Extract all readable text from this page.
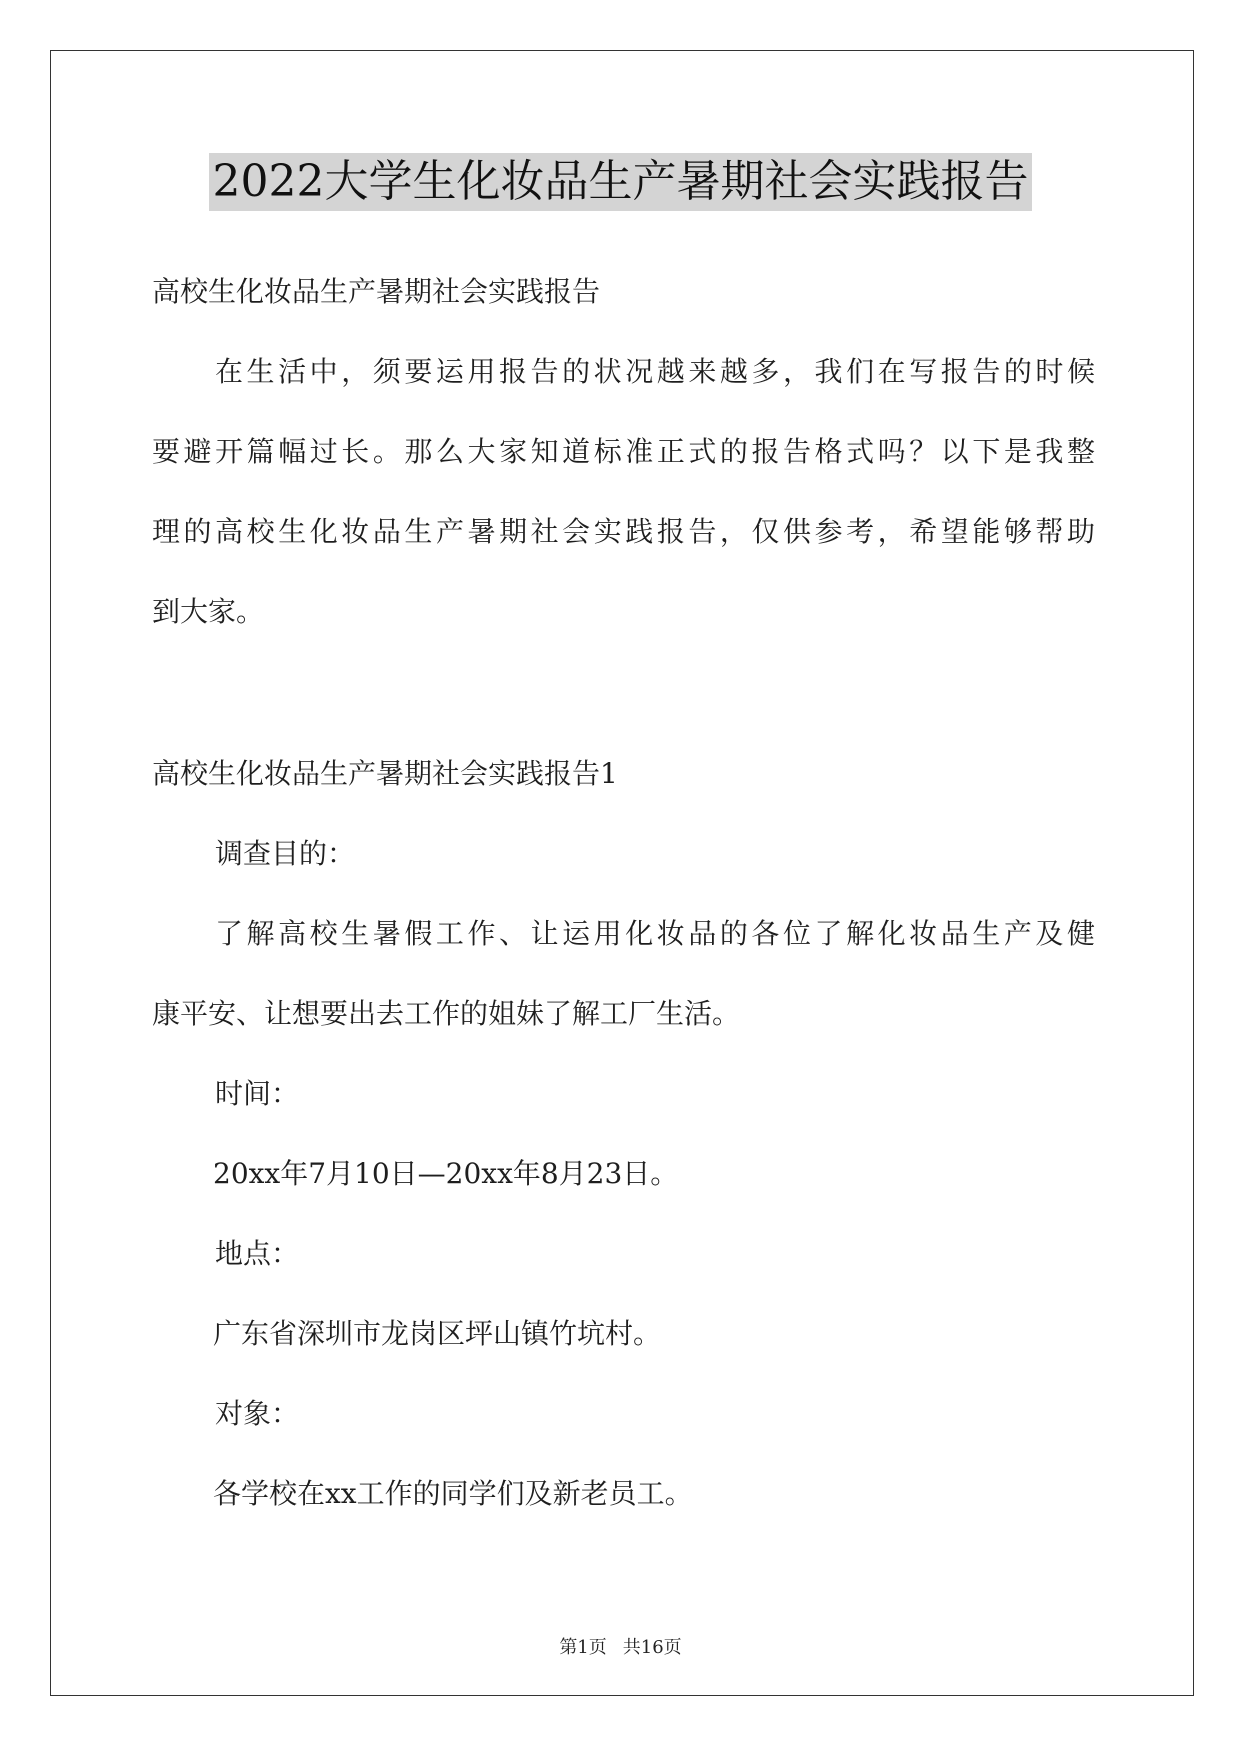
2022大学生化妆品生产暑期社会实践报告
高校生化妆品生产暑期社会实践报告
在生活中，须要运用报告的状况越来越多，我们在写报告的时候
要避开篇幅过长。那么大家知道标准正式的报告格式吗？以下是我整
理的高校生化妆品生产暑期社会实践报告，仅供参考，希望能够帮助
到大家。
高校生化妆品生产暑期社会实践报告1
调查目的：
了解高校生暑假工作、让运用化妆品的各位了解化妆品生产及健
康平安、让想要出去工作的姐妹了解工厂生活。
时间：
20xx年7月10日—20xx年8月23日。
地点：
广东省深圳市龙岗区坪山镇竹坑村。
对象：
各学校在xx工作的同学们及新老员工。
第1页 共16页
